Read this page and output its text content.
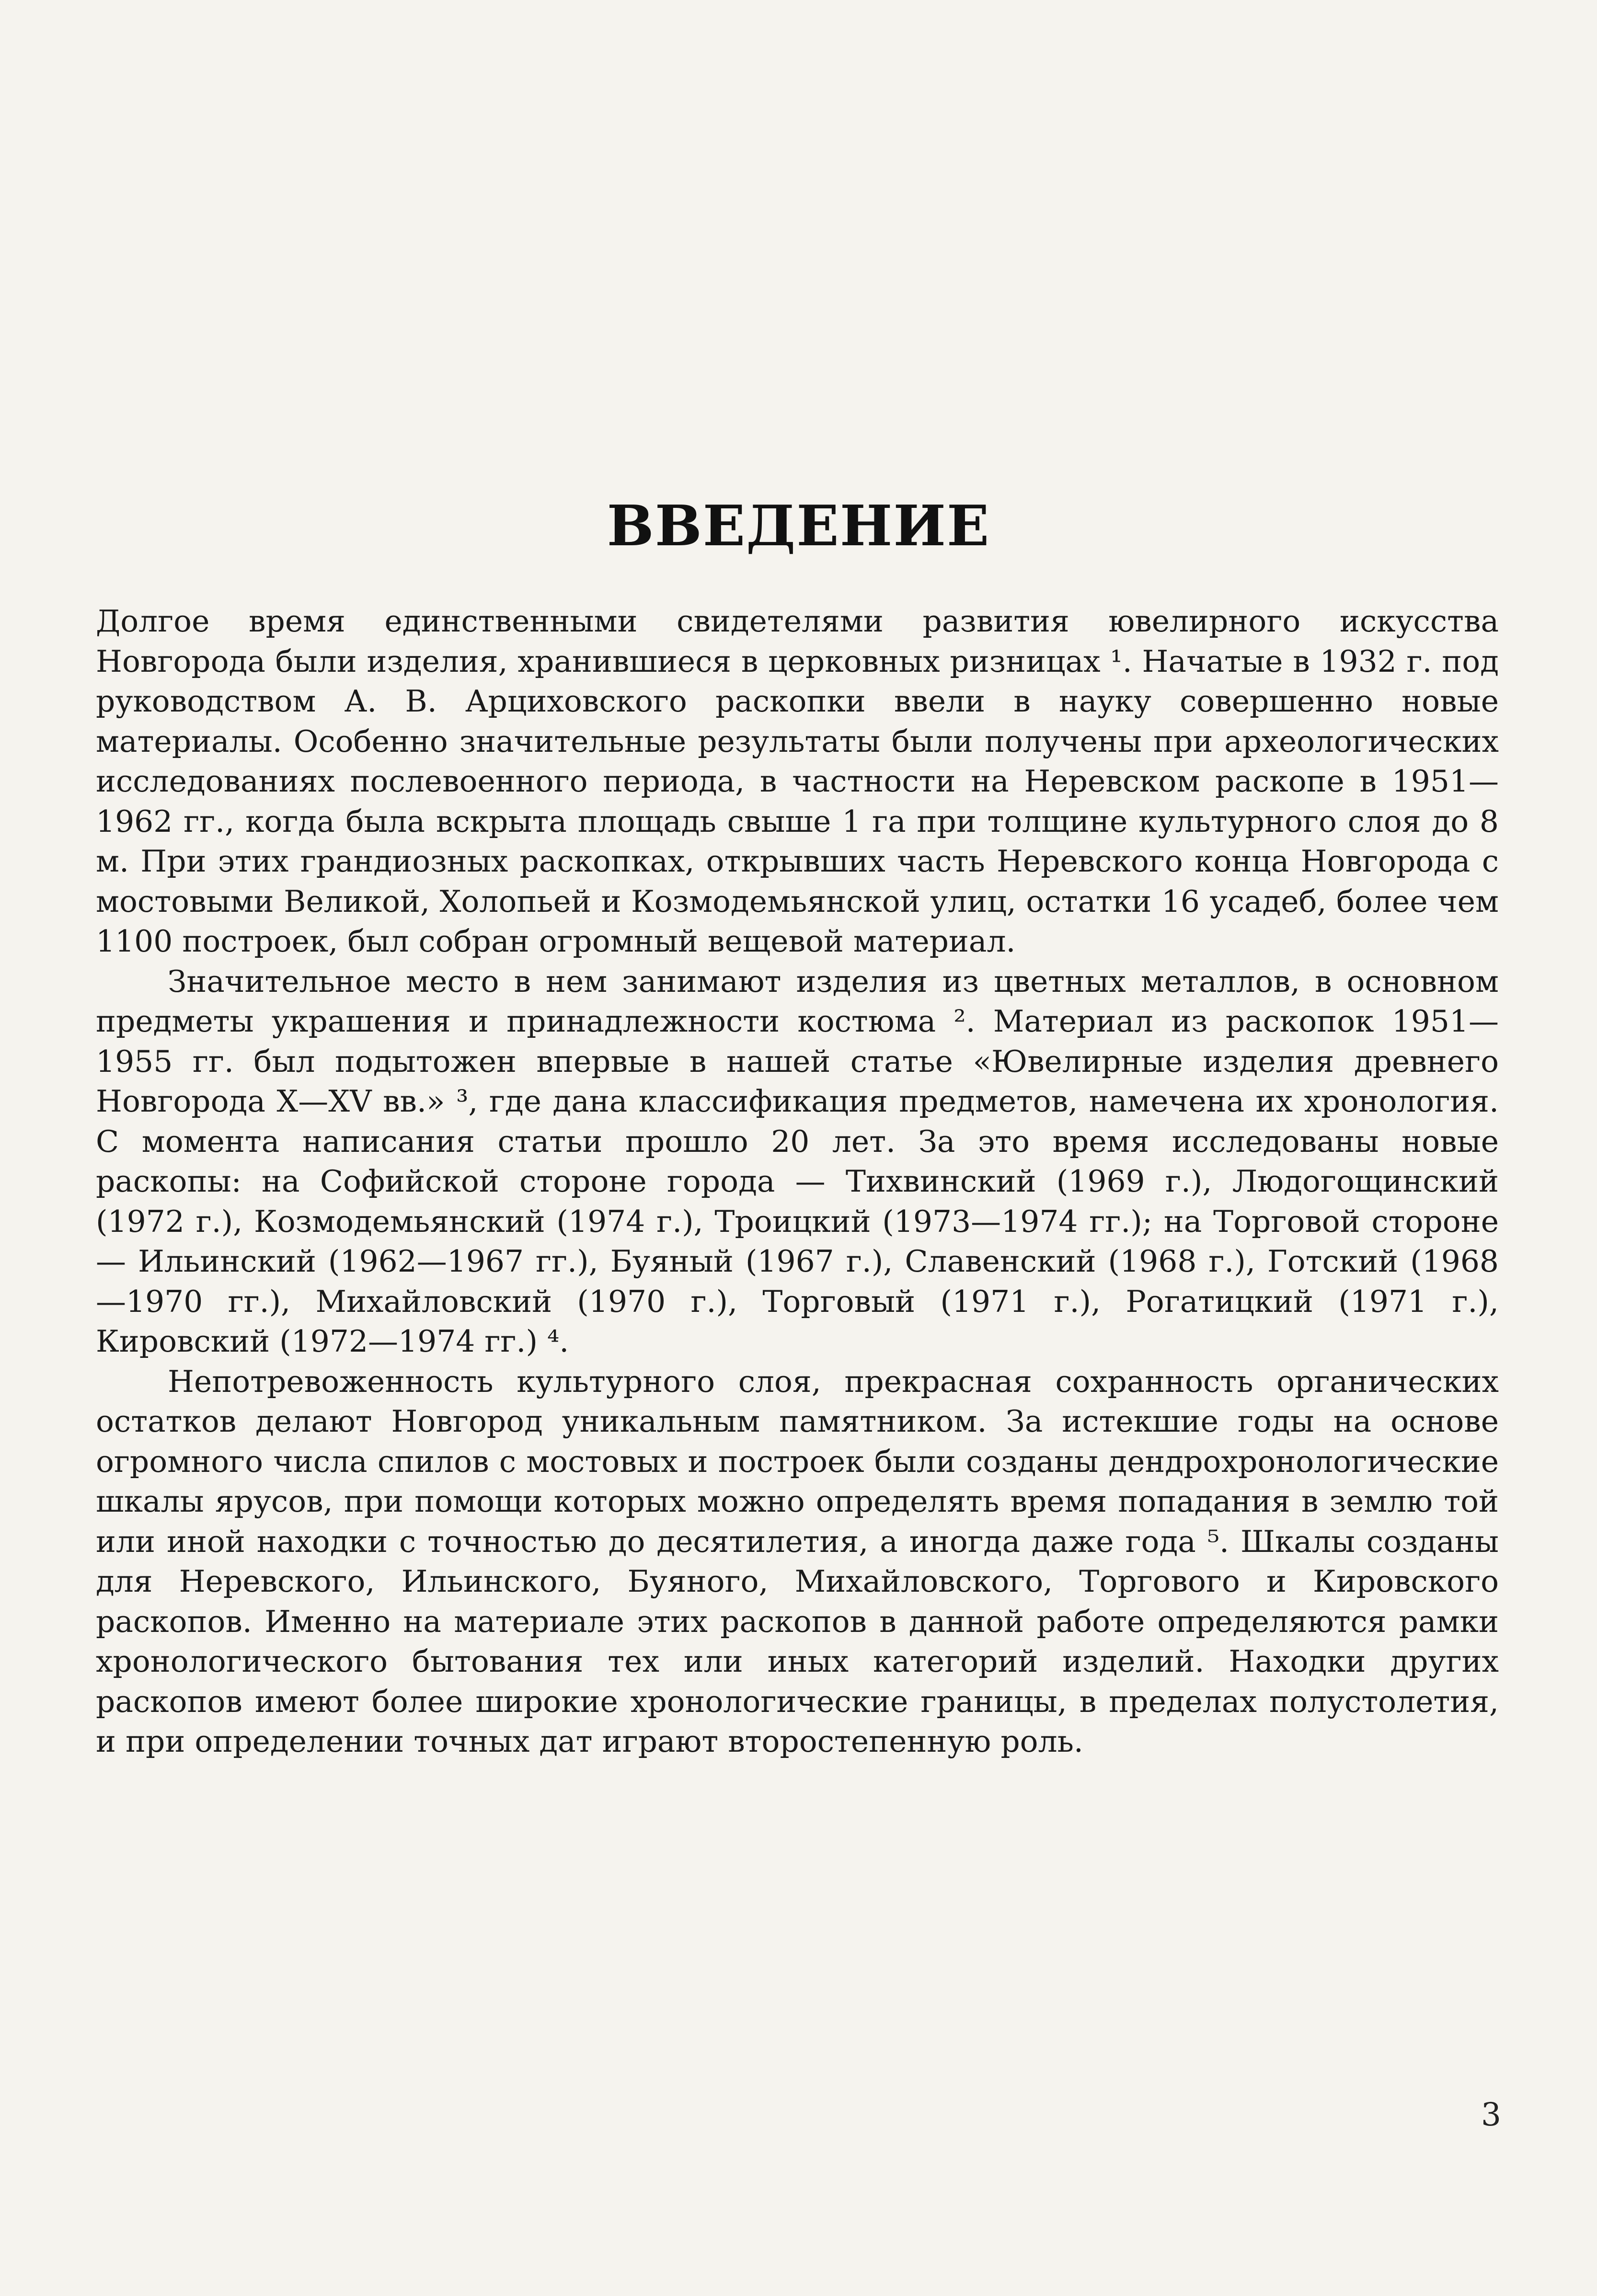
ВВЕДЕНИЕ

Долгое время единственными свидетелями развития ювелирного искусства Новгорода были изделия, хранившиеся в церковных ризницах ¹. Начатые в 1932 г. под руководством А. В. Арциховского раскопки ввели в науку совершенно новые материалы. Особенно значительные результаты были получены при археологических исследованиях послевоенного периода, в частности на Неревском раскопе в 1951—1962 гг., когда была вскрыта площадь свыше 1 га при толщине культурного слоя до 8 м. При этих грандиозных раскопках, открывших часть Неревского конца Новгорода с мостовыми Великой, Холопьей и Козмодемьянской улиц, остатки 16 усадеб, более чем 1100 построек, был собран огромный вещевой материал.

Значительное место в нем занимают изделия из цветных металлов, в основном предметы украшения и принадлежности костюма ². Материал из раскопок 1951—1955 гг. был подытожен впервые в нашей статье «Ювелирные изделия древнего Новгорода X—XV вв.» ³, где дана классификация предметов, намечена их хронология. С момента написания статьи прошло 20 лет. За это время исследованы новые раскопы: на Софийской стороне города — Тихвинский (1969 г.), Людогощинский (1972 г.), Козмодемьянский (1974 г.), Троицкий (1973—1974 гг.); на Торговой стороне — Ильинский (1962—1967 гг.), Буяный (1967 г.), Славенский (1968 г.), Готский (1968—1970 гг.), Михайловский (1970 г.), Торговый (1971 г.), Рогатицкий (1971 г.), Кировский (1972—1974 гг.) ⁴.

Непотревоженность культурного слоя, прекрасная сохранность органических остатков делают Новгород уникальным памятником. За истекшие годы на основе огромного числа спилов с мостовых и построек были созданы дендрохронологические шкалы ярусов, при помощи которых можно определять время попадания в землю той или иной находки с точностью до десятилетия, а иногда даже года ⁵. Шкалы созданы для Неревского, Ильинского, Буяного, Михайловского, Торгового и Кировского раскопов. Именно на материале этих раскопов в данной работе определяются рамки хронологического бытования тех или иных категорий изделий. Находки других раскопов имеют более широкие хронологические границы, в пределах полустолетия, и при определении точных дат играют второстепенную роль.

3
